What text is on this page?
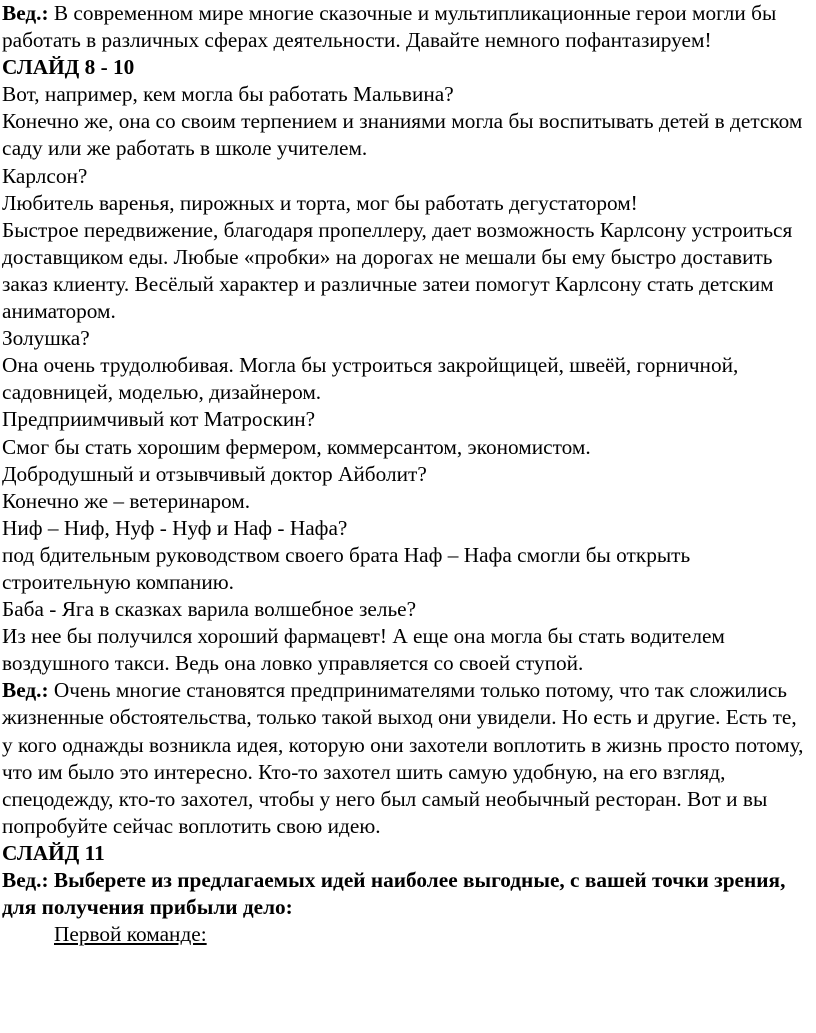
Вед.: В современном мире многие сказочные и мультипликационные герои могли бы работать в различных сферах деятельности. Давайте немного пофантазируем!
СЛАЙД 8 - 10
Вот, например, кем могла бы работать Мальвина?
Конечно же, она со своим терпением и знаниями могла бы воспитывать детей в детском саду или же работать в школе учителем.
Карлсон?
Любитель варенья, пирожных и торта, мог бы работать дегустатором!
Быстрое передвижение, благодаря пропеллеру, дает возможность Карлсону устроиться доставщиком еды. Любые «пробки» на дорогах не мешали бы ему быстро доставить заказ клиенту. Весёлый характер и различные затеи помогут Карлсону стать детским аниматором.
Золушка?
Она очень трудолюбивая. Могла бы устроиться закройщицей, швеёй, горничной, садовницей, моделью, дизайнером.
Предприимчивый кот Матроскин?
Смог бы стать хорошим фермером, коммерсантом, экономистом.
Добродушный и отзывчивый доктор Айболит?
Конечно же – ветеринаром.
Ниф – Ниф, Нуф - Нуф и Наф - Нафа?
под бдительным руководством своего брата Наф – Нафа смогли бы открыть строительную компанию.
Баба - Яга в сказках варила волшебное зелье?
Из нее бы получился хороший фармацевт! А еще она могла бы стать водителем воздушного такси. Ведь она ловко управляется со своей ступой.
Вед.: Очень многие становятся предпринимателями только потому, что так сложились жизненные обстоятельства, только такой выход они увидели. Но есть и другие. Есть те, у кого однажды возникла идея, которую они захотели воплотить в жизнь просто потому, что им было это интересно. Кто-то захотел шить самую удобную, на его взгляд, спецодежду, кто-то захотел, чтобы у него был самый необычный ресторан. Вот и вы попробуйте сейчас воплотить свою идею.
СЛАЙД 11
Вед.: Выберете из предлагаемых идей наиболее выгодные, с вашей точки зрения, для получения прибыли дело:
Первой команде:
